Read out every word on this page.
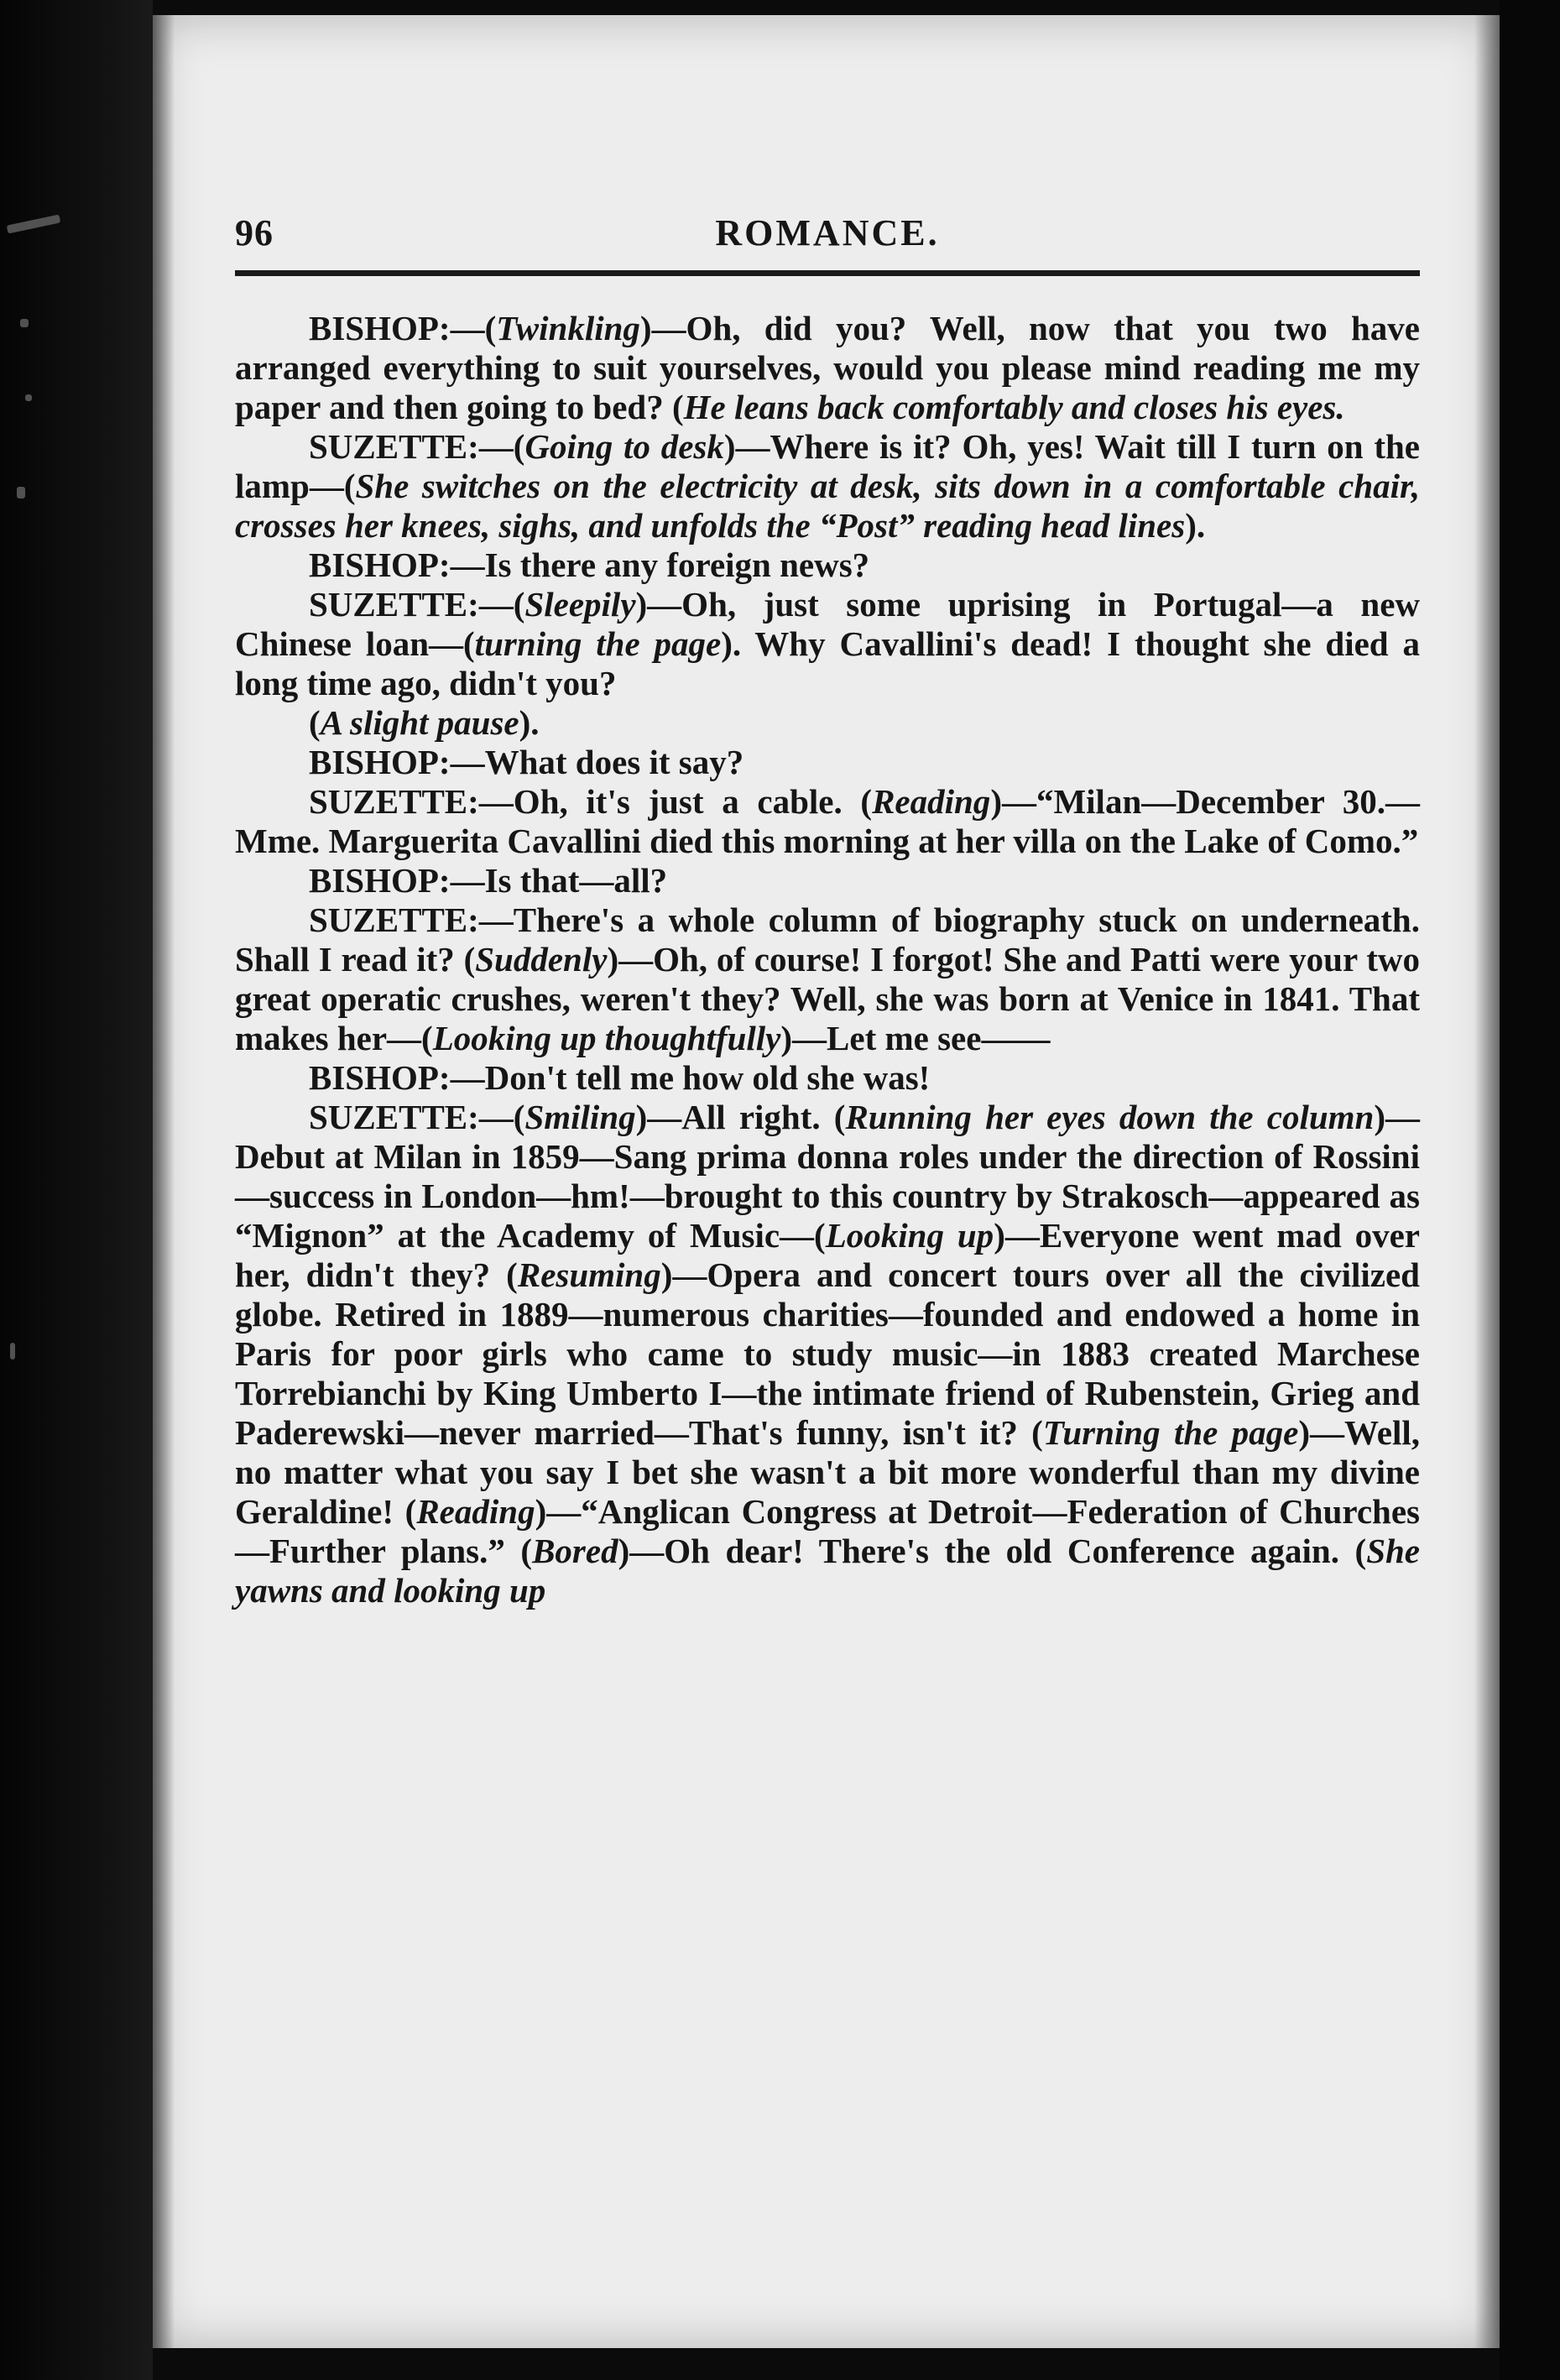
96	ROMANCE.

BISHOP:—(Twinkling)—Oh, did you? Well, now that you two have arranged everything to suit yourselves, would you please mind reading me my paper and then going to bed? (He leans back comfortably and closes his eyes.

SUZETTE:—(Going to desk)—Where is it? Oh, yes! Wait till I turn on the lamp—(She switches on the electricity at desk, sits down in a comfortable chair, crosses her knees, sighs, and unfolds the “Post” reading head lines).

BISHOP:—Is there any foreign news?

SUZETTE:—(Sleepily)—Oh, just some uprising in Portugal—a new Chinese loan—(turning the page). Why Cavallini's dead! I thought she died a long time ago, didn't you?

(A slight pause).

BISHOP:—What does it say?

SUZETTE:—Oh, it's just a cable. (Reading)—“Milan—December 30.—Mme. Marguerita Cavallini died this morning at her villa on the Lake of Como.”

BISHOP:—Is that—all?

SUZETTE:—There's a whole column of biography stuck on underneath. Shall I read it? (Suddenly)—Oh, of course! I forgot! She and Patti were your two great operatic crushes, weren't they? Well, she was born at Venice in 1841. That makes her—(Looking up thoughtfully)—Let me see——

BISHOP:—Don't tell me how old she was!

SUZETTE:—(Smiling)—All right. (Running her eyes down the column)—Debut at Milan in 1859—Sang prima donna roles under the direction of Rossini—success in London—hm!—brought to this country by Strakosch—appeared as “Mignon” at the Academy of Music—(Looking up)—Everyone went mad over her, didn't they? (Resuming)—Opera and concert tours over all the civilized globe. Retired in 1889—numerous charities—founded and endowed a home in Paris for poor girls who came to study music—in 1883 created Marchese Torrebianchi by King Umberto I—the intimate friend of Rubenstein, Grieg and Paderewski—never married—That's funny, isn't it? (Turning the page)—Well, no matter what you say I bet she wasn't a bit more wonderful than my divine Geraldine! (Reading)—“Anglican Congress at Detroit—Federation of Churches—Further plans.” (Bored)—Oh dear! There's the old Conference again. (She yawns and looking up
